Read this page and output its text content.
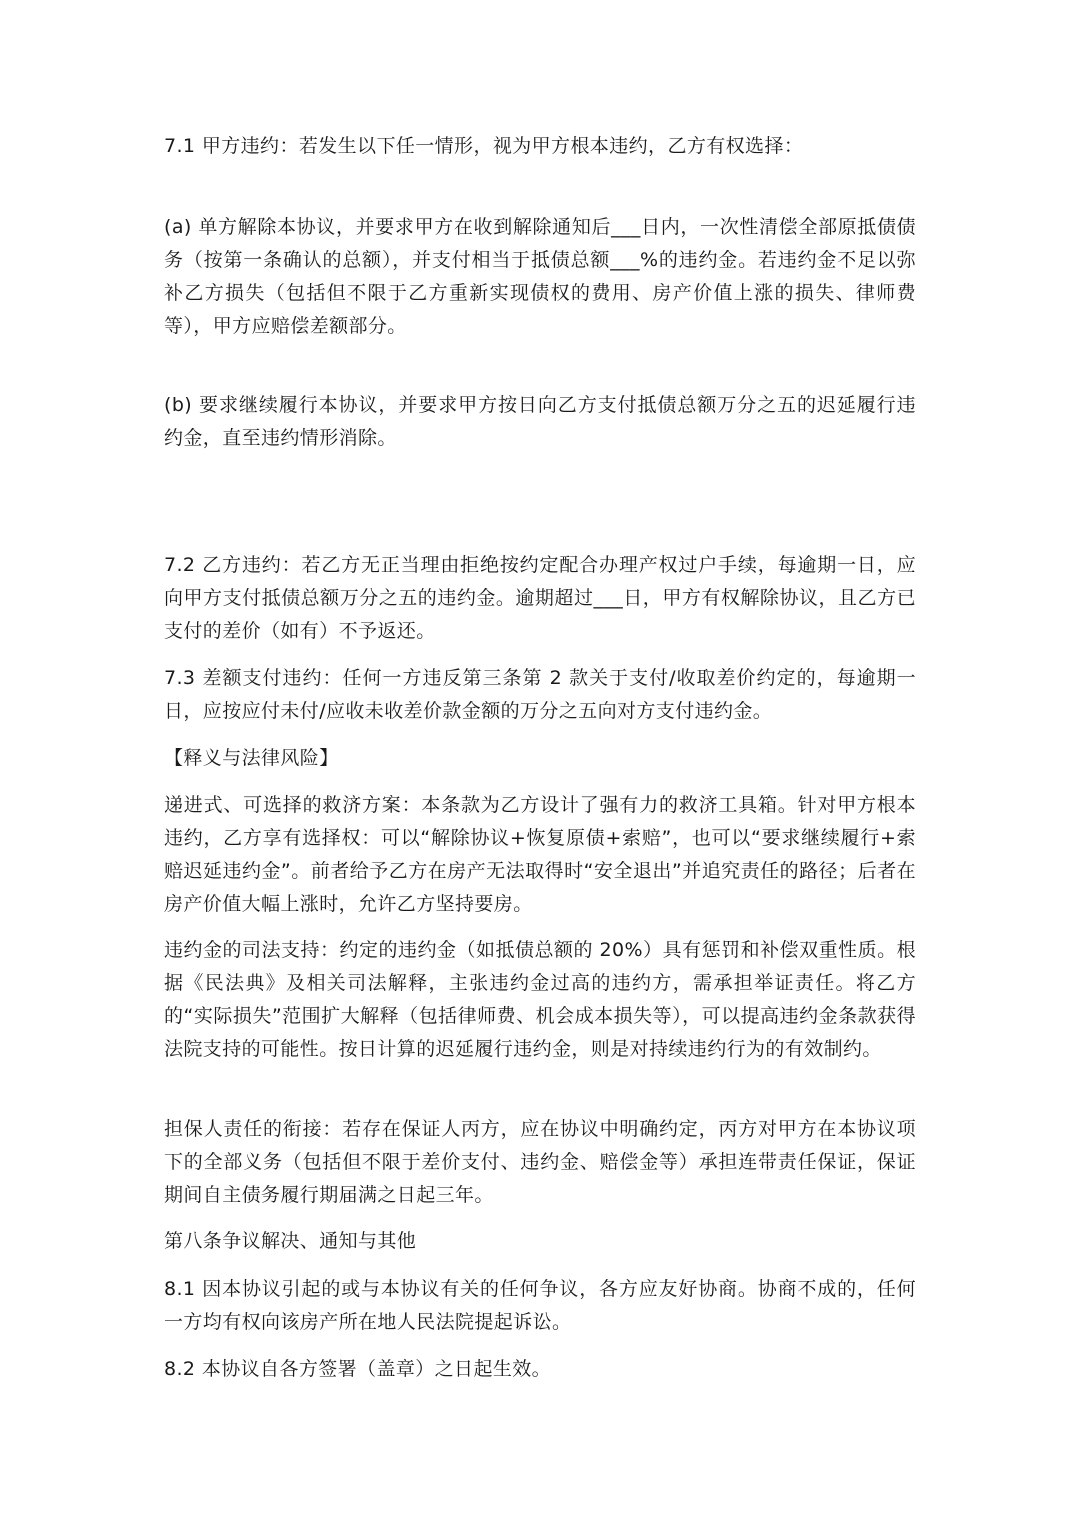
7.1 甲方违约：若发生以下任一情形，视为甲方根本违约，乙方有权选择：

(a) 单方解除本协议，并要求甲方在收到解除通知后___日内，一次性清偿全部原抵债债务（按第一条确认的总额），并支付相当于抵债总额___%的违约金。若违约金不足以弥补乙方损失（包括但不限于乙方重新实现债权的费用、房产价值上涨的损失、律师费等），甲方应赔偿差额部分。

(b) 要求继续履行本协议，并要求甲方按日向乙方支付抵债总额万分之五的迟延履行违约金，直至违约情形消除。

7.2 乙方违约：若乙方无正当理由拒绝按约定配合办理产权过户手续，每逾期一日，应向甲方支付抵债总额万分之五的违约金。逾期超过___日，甲方有权解除协议，且乙方已支付的差价（如有）不予返还。

7.3 差额支付违约：任何一方违反第三条第 2 款关于支付/收取差价约定的，每逾期一日，应按应付未付/应收未收差价款金额的万分之五向对方支付违约金。

【释义与法律风险】

递进式、可选择的救济方案：本条款为乙方设计了强有力的救济工具箱。针对甲方根本违约，乙方享有选择权：可以“解除协议+恢复原债+索赔”，也可以“要求继续履行+索赔迟延违约金”。前者给予乙方在房产无法取得时“安全退出”并追究责任的路径；后者在房产价值大幅上涨时，允许乙方坚持要房。

违约金的司法支持：约定的违约金（如抵债总额的 20%）具有惩罚和补偿双重性质。根据《民法典》及相关司法解释，主张违约金过高的违约方，需承担举证责任。将乙方的“实际损失”范围扩大解释（包括律师费、机会成本损失等），可以提高违约金条款获得法院支持的可能性。按日计算的迟延履行违约金，则是对持续违约行为的有效制约。

担保人责任的衔接：若存在保证人丙方，应在协议中明确约定，丙方对甲方在本协议项下的全部义务（包括但不限于差价支付、违约金、赔偿金等）承担连带责任保证，保证期间自主债务履行期届满之日起三年。

第八条争议解决、通知与其他

8.1 因本协议引起的或与本协议有关的任何争议，各方应友好协商。协商不成的，任何一方均有权向该房产所在地人民法院提起诉讼。

8.2 本协议自各方签署（盖章）之日起生效。
